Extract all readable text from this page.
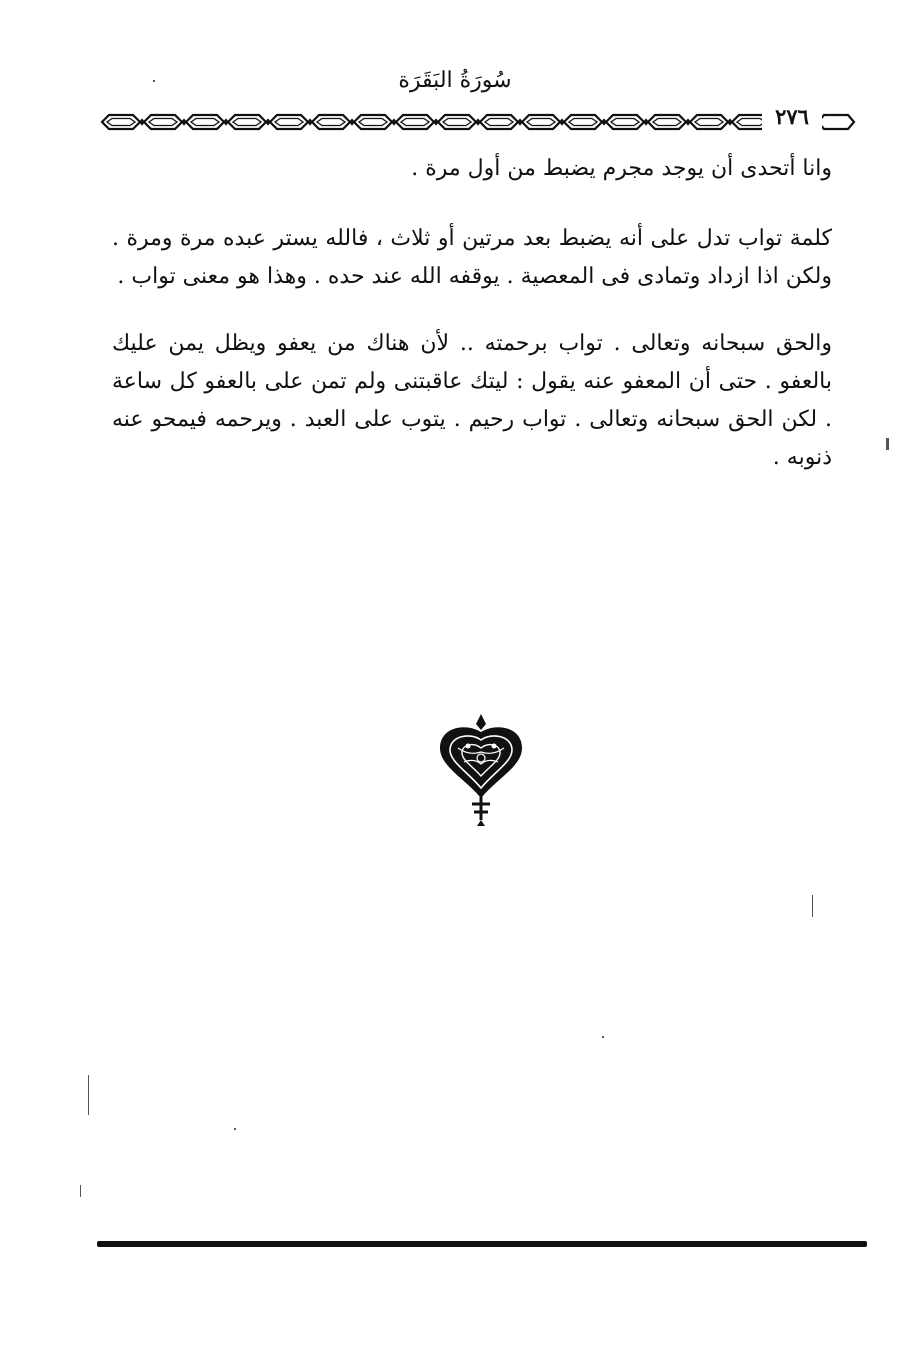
سُورَةُ البَقَرَة
٢٧٦
وانا أتحدى أن يوجد مجرم يضبط من أول مرة .
كلمة تواب تدل على أنه يضبط بعد مرتين أو ثلاث ، فالله يستر عبده مرة ومرة . ولكن اذا ازداد وتمادى فى المعصية . يوقفه الله عند حده . وهذا هو معنى تواب .
والحق سبحانه وتعالى . تواب برحمته .. لأن هناك من يعفو ويظل يمن عليك بالعفو . حتى أن المعفو عنه يقول : ليتك عاقبتنى ولم تمن على بالعفو كل ساعة . لكن الحق سبحانه وتعالى . تواب رحيم . يتوب على العبد . ويرحمه فيمحو عنه ذنوبه .
